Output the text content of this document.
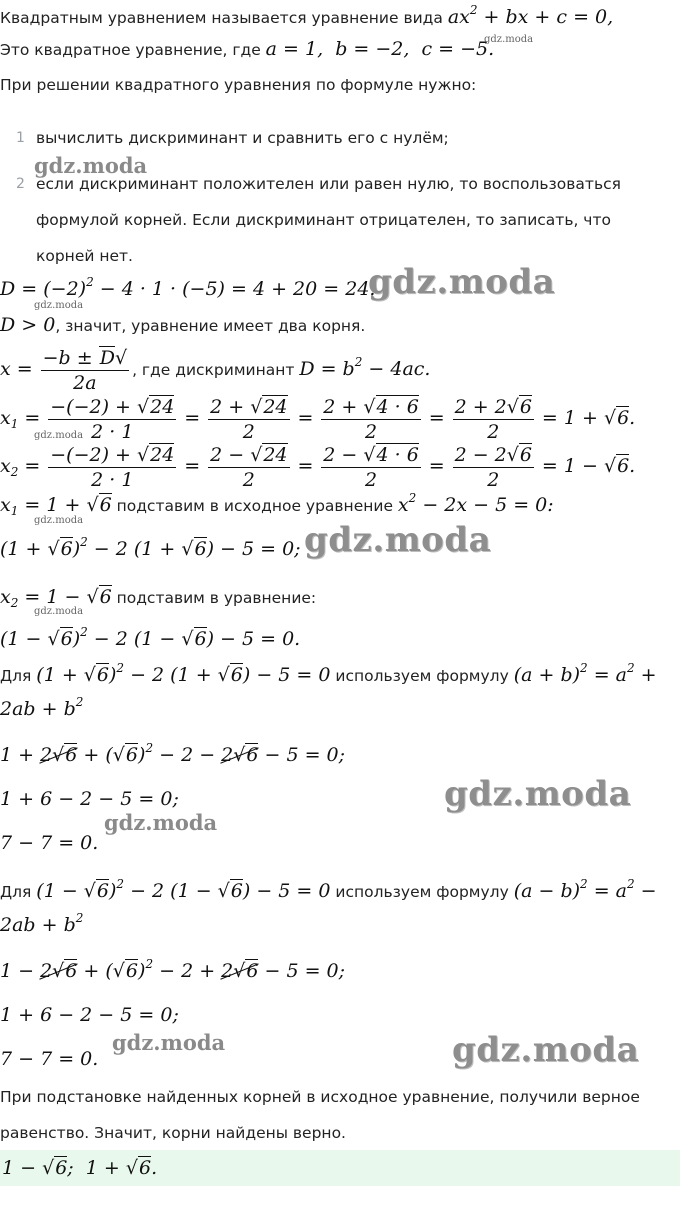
Квадратным уравнением называется уравнение вида $ax^2$ + bx + c = 0,
Это квадратное уравнение, где a = 1,  b = −2,  c = −5.
gdz.moda
При решении квадратного уравнения по формуле нужно:
1 вычислить дискриминант и сравнить его с нулём;
2 если дискриминант положителен или равен нулю, то воспользоваться формулой корней. Если дискриминант отрицателен, то записать, что корней нет.
gdz.moda
$D = (-2)^2 - 4 \cdot 1 \cdot (-5) = 4 + 20 = 24$.
gdz.moda
gdz.moda
D > 0, значит, уравнение имеет два корня.
$x = \frac{-b \pm D√}{2a}$ , где дискриминант $D = b^2 - 4ac$.
$x_1 = \frac{-(-2) + √24}{2 \cdot 1} = \frac{2 + √24}{2} = \frac{2 + √4 \cdot 6}{2} = \frac{2 + 2√6}{2} = 1 + √6$.
gdz.moda
$x_2 = \frac{-(-2) + √24}{2 \cdot 1} = \frac{2 - √24}{2} = \frac{2 - √4 \cdot 6}{2} = \frac{2 - 2√6}{2} = 1 - √6$.
$x_1 = 1 + √6$ подставим в исходное уравнение $x^2 - 2x - 5 = 0$:
gdz.moda
$(1 + √6)^2 - 2$ (1 + √6) − 5 = 0; gdz.moda
$x_2 = 1 - √6$ подставим в уравнение:
gdz.moda
$(1 - √6)^2 - 2$ (1 − √6) − 5 = 0.
Для $(1 + √6)^2 - 2$ (1 + √6) − 5 = 0 используем формулу $(a + b)^2 = a^2$ +
$2ab + b^2$
$1 + 2√6 + (√6)^2 - 2 - 2√6 - 5 = 0$;
1 + 6 − 2 − 5 = 0;	gdz.moda
7 − 7 = 0.
gdz.moda
Для $(1 - √6)^2 - 2$ (1 − √6) − 5 = 0 используем формулу $(a - b)^2 = a^2$ −
$2ab + b^2$
$1 - 2√6 + (√6)^2 - 2 + 2√6 - 5 = 0$;
1 + 6 − 2 − 5 = 0;
7 − 7 = 0.
gdz.moda	gdz.moda
При подстановке найденных корней в исходное уравнение, получили верное
равенство. Значит, корни найдены верно.
1 − √6;  1 + √6.
